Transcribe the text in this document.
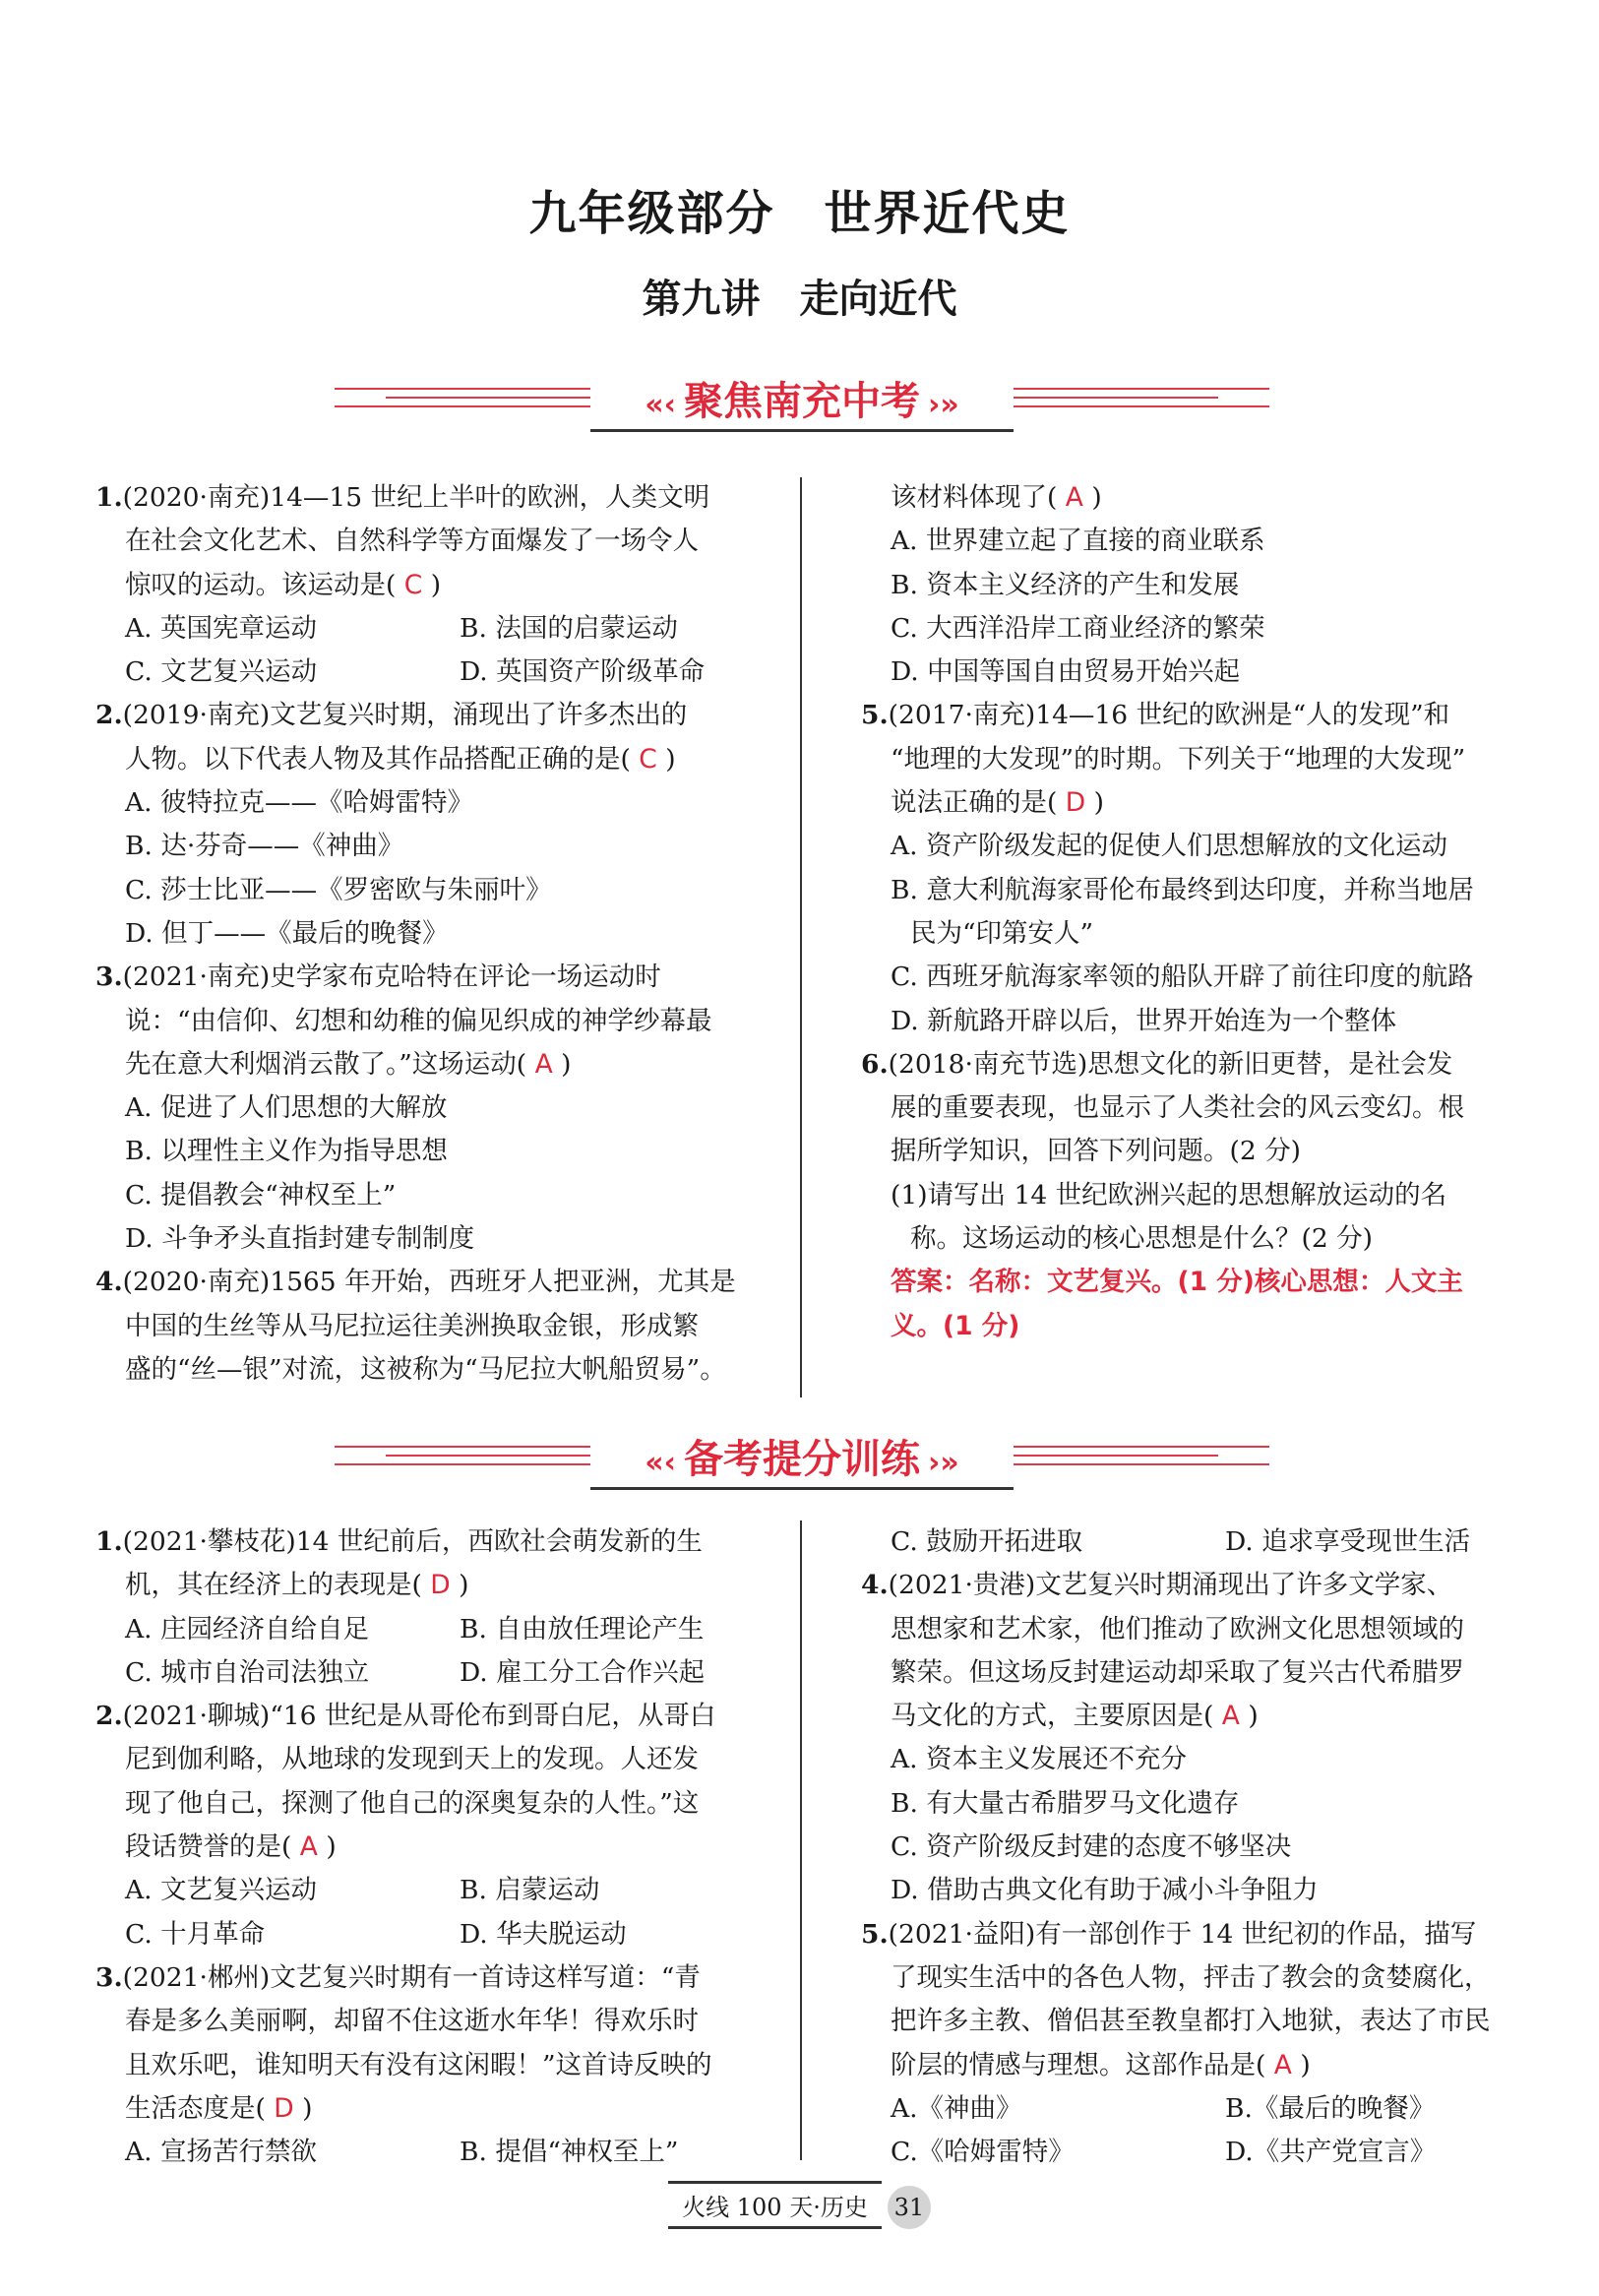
九年级部分　世界近代史
第九讲　走向近代
«‹ 聚焦南充中考 ›»
«‹ 备考提分训练 ›»
1.(2020·南充)14—15 世纪上半叶的欧洲，人类文明
在社会文化艺术、自然科学等方面爆发了一场令人
惊叹的运动。该运动是( C )
A. 英国宪章运动	B. 法国的启蒙运动
C. 文艺复兴运动	D. 英国资产阶级革命
2.(2019·南充)文艺复兴时期，涌现出了许多杰出的
人物。以下代表人物及其作品搭配正确的是( C )
A. 彼特拉克——《哈姆雷特》
B. 达·芬奇——《神曲》
C. 莎士比亚——《罗密欧与朱丽叶》
D. 但丁——《最后的晚餐》
3.(2021·南充)史学家布克哈特在评论一场运动时
说：“由信仰、幻想和幼稚的偏见织成的神学纱幕最
先在意大利烟消云散了。”这场运动( A )
A. 促进了人们思想的大解放
B. 以理性主义作为指导思想
C. 提倡教会“神权至上”
D. 斗争矛头直指封建专制制度
4.(2020·南充)1565 年开始，西班牙人把亚洲，尤其是
中国的生丝等从马尼拉运往美洲换取金银，形成繁
盛的“丝—银”对流，这被称为“马尼拉大帆船贸易”。
该材料体现了( A )
A. 世界建立起了直接的商业联系
B. 资本主义经济的产生和发展
C. 大西洋沿岸工商业经济的繁荣
D. 中国等国自由贸易开始兴起
5.(2017·南充)14—16 世纪的欧洲是“人的发现”和
“地理的大发现”的时期。下列关于“地理的大发现”
说法正确的是( D )
A. 资产阶级发起的促使人们思想解放的文化运动
B. 意大利航海家哥伦布最终到达印度，并称当地居
民为“印第安人”
C. 西班牙航海家率领的船队开辟了前往印度的航路
D. 新航路开辟以后，世界开始连为一个整体
6.(2018·南充节选)思想文化的新旧更替，是社会发
展的重要表现，也显示了人类社会的风云变幻。根
据所学知识，回答下列问题。(2 分)
(1)请写出 14 世纪欧洲兴起的思想解放运动的名
称。这场运动的核心思想是什么？(2 分)
答案：名称：文艺复兴。(1 分)核心思想：人文主
义。(1 分)
1.(2021·攀枝花)14 世纪前后，西欧社会萌发新的生
机，其在经济上的表现是( D )
A. 庄园经济自给自足	B. 自由放任理论产生
C. 城市自治司法独立	D. 雇工分工合作兴起
2.(2021·聊城)“16 世纪是从哥伦布到哥白尼，从哥白
尼到伽利略，从地球的发现到天上的发现。人还发
现了他自己，探测了他自己的深奥复杂的人性。”这
段话赞誉的是( A )
A. 文艺复兴运动	B. 启蒙运动
C. 十月革命	D. 华夫脱运动
3.(2021·郴州)文艺复兴时期有一首诗这样写道：“青
春是多么美丽啊，却留不住这逝水年华！得欢乐时
且欢乐吧，谁知明天有没有这闲暇！”这首诗反映的
生活态度是( D )
A. 宣扬苦行禁欲	B. 提倡“神权至上”
C. 鼓励开拓进取	D. 追求享受现世生活
4.(2021·贵港)文艺复兴时期涌现出了许多文学家、
思想家和艺术家，他们推动了欧洲文化思想领域的
繁荣。但这场反封建运动却采取了复兴古代希腊罗
马文化的方式，主要原因是( A )
A. 资本主义发展还不充分
B. 有大量古希腊罗马文化遗存
C. 资产阶级反封建的态度不够坚决
D. 借助古典文化有助于减小斗争阻力
5.(2021·益阳)有一部创作于 14 世纪初的作品，描写
了现实生活中的各色人物，抨击了教会的贪婪腐化，
把许多主教、僧侣甚至教皇都打入地狱，表达了市民
阶层的情感与理想。这部作品是( A )
A.《神曲》	B.《最后的晚餐》
C.《哈姆雷特》	D.《共产党宣言》
火线 100 天·历史 31
